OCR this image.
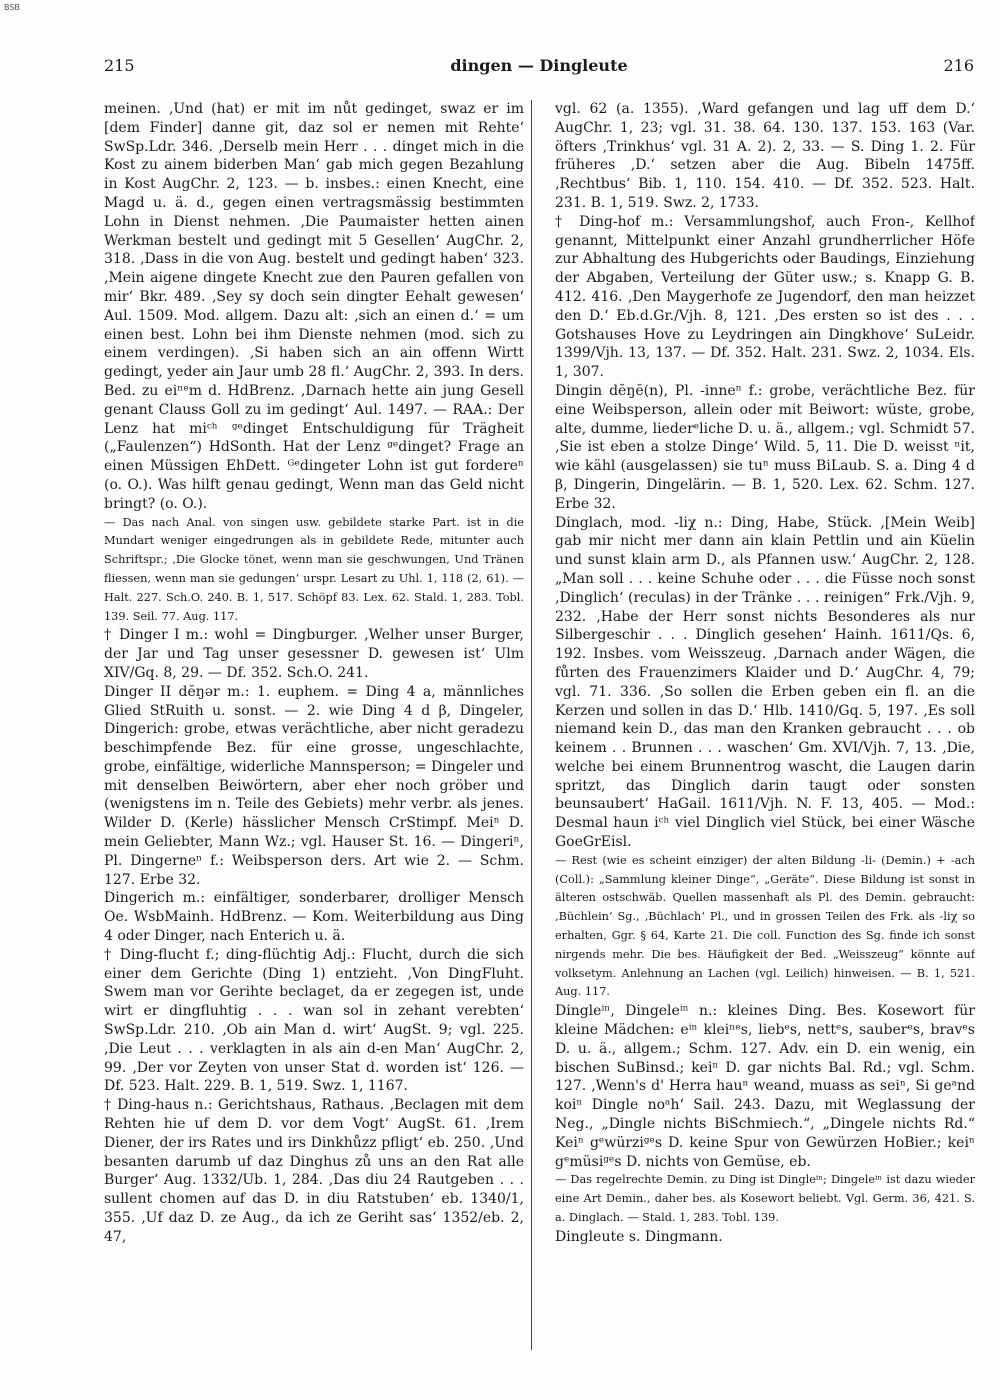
BSB
215	dingen — Dingleute	216

meinen. ‚Und (hat) er mit im nůt gedinget, swaz er im [dem Finder] danne git, daz sol er nemen mit Rehte‘ SwSp.Ldr. 346. ‚Derselb mein Herr . . . dinget mich in die Kost zu ainem biderben Man‘ gab mich gegen Bezahlung in Kost AugChr. 2, 123. — b. insbes.: einen Knecht, eine Magd u. ä. d., gegen einen vertragsmässig bestimmten Lohn in Dienst nehmen. ‚Die Paumaister hetten ainen Werkman bestelt und gedingt mit 5 Gesellen‘ AugChr. 2, 318. ‚Dass in die von Aug. bestelt und gedingt haben‘ 323. ‚Mein aigene dingete Knecht zue den Pauren gefallen von mir‘ Bkr. 489. ‚Sey sy doch sein dingter Eehalt gewesen‘ Aul. 1509. Mod. allgem. Dazu alt: ‚sich an einen d.‘ = um einen best. Lohn bei ihm Dienste nehmen (mod. sich zu einem verdingen). ‚Si haben sich an ain offenn Wirtt gedingt, yeder ain Jaur umb 28 fl.‘ AugChr. 2, 393. In ders. Bed. zu eiⁿᵉm d. HdBrenz. ‚Darnach hette ain jung Gesell genant Clauss Goll zu im gedingt‘ Aul. 1497. — RAA.: Der Lenz hat miᶜʰ ᵍᵉdinget Entschuldigung für Trägheit („Faulenzen“) HdSonth. Hat der Lenz ᵍᵉdinget? Frage an einen Müssigen EhDett. ᴳᵉdingeter Lohn ist gut fordereⁿ (o. O.). Was hilft genau gedingt, Wenn man das Geld nicht bringt? (o. O.).

— Das nach Anal. von singen usw. gebildete starke Part. ist in die Mundart weniger eingedrungen als in gebildete Rede, mitunter auch Schriftspr.; ‚Die Glocke tönet, wenn man sie geschwungen, Und Tränen fliessen, wenn man sie gedungen‘ urspr. Lesart zu Uhl. 1, 118 (2, 61). — Halt. 227. Sch.O. 240. B. 1, 517. Schöpf 83. Lex. 62. Stald. 1, 283. Tobl. 139. Seil. 77. Aug. 117.

† Dinger I m.: wohl = Dingburger. ‚Welher unser Burger, der Jar und Tag unser gesessner D. gewesen ist‘ Ulm XIV/Gq. 8, 29. — Df. 352. Sch.O. 241.

Dinger II dĕŋər m.: 1. euphem. = Ding 4 a, männliches Glied StRuith u. sonst. — 2. wie Ding 4 d β, Dingeler, Dingerich: grobe, etwas verächtliche, aber nicht geradezu beschimpfende Bez. für eine grosse, ungeschlachte, grobe, einfältige, widerliche Mannsperson; = Dingeler und mit denselben Beiwörtern, aber eher noch gröber und (wenigstens im n. Teile des Gebiets) mehr verbr. als jenes. Wilder D. (Kerle) hässlicher Mensch CrStimpf. Meiⁿ D. mein Geliebter, Mann Wz.; vgl. Hauser St. 16. — Dingeriⁿ, Pl. Dingerneⁿ f.: Weibsperson ders. Art wie 2. — Schm. 127. Erbe 32.

Dingerich m.: einfältiger, sonderbarer, drolliger Mensch Oe. WsbMainh. HdBrenz. — Kom. Weiterbildung aus Ding 4 oder Dinger, nach Enterich u. ä.

† Ding-flucht f.; ding-flüchtig Adj.: Flucht, durch die sich einer dem Gerichte (Ding 1) entzieht. ‚Von DingFluht. Swem man vor Gerihte beclaget, da er zegegen ist, unde wirt er dingfluhtig . . . wan sol in zehant verebten‘ SwSp.Ldr. 210. ‚Ob ain Man d. wirt‘ AugSt. 9; vgl. 225. ‚Die Leut . . . verklagten in als ain d-en Man‘ AugChr. 2, 99. ‚Der vor Zeyten von unser Stat d. worden ist‘ 126. — Df. 523. Halt. 229. B. 1, 519. Swz. 1, 1167.

† Ding-haus n.: Gerichtshaus, Rathaus. ‚Beclagen mit dem Rehten hie uf dem D. vor dem Vogt‘ AugSt. 61. ‚Irem Diener, der irs Rates und irs Dinkhůzz pfligt‘ eb. 250. ‚Und besanten darumb uf daz Dinghus zů uns an den Rat alle Burger‘ Aug. 1332/Ub. 1, 284. ‚Das diu 24 Rautgeben . . . sullent chomen auf das D. in diu Ratstuben‘ eb. 1340/1, 355. ‚Uf daz D. ze Aug., da ich ze Geriht sas‘ 1352/eb. 2, 47,

vgl. 62 (a. 1355). ‚Ward gefangen und lag uff dem D.‘ AugChr. 1, 23; vgl. 31. 38. 64. 130. 137. 153. 163 (Var. öfters ‚Trinkhus‘ vgl. 31 A. 2). 2, 33. — S. Ding 1. 2. Für früheres ‚D.‘ setzen aber die Aug. Bibeln 1475ff. ‚Rechtbus‘ Bib. 1, 110. 154. 410. — Df. 352. 523. Halt. 231. B. 1, 519. Swz. 2, 1733.

† Ding-hof m.: Versammlungshof, auch Fron-, Kellhof genannt, Mittelpunkt einer Anzahl grundherrlicher Höfe zur Abhaltung des Hubgerichts oder Baudings, Einziehung der Abgaben, Verteilung der Güter usw.; s. Knapp G. B. 412. 416. ‚Den Maygerhofe ze Jugendorf, den man heizzet den D.‘ Eb.d.Gr./Vjh. 8, 121. ‚Des ersten so ist des . . . Gotshauses Hove zu Leydringen ain Dingkhove‘ SuLeidr. 1399/Vjh. 13, 137. — Df. 352. Halt. 231. Swz. 2, 1034. Els. 1, 307.

Dingin dĕŋĕ(n), Pl. -inneⁿ f.: grobe, verächtliche Bez. für eine Weibsperson, allein oder mit Beiwort: wüste, grobe, alte, dumme, liederᵉliche D. u. ä., allgem.; vgl. Schmidt 57. ‚Sie ist eben a stolze Dinge‘ Wild. 5, 11. Die D. weisst ⁿit, wie kähl (ausgelassen) sie tuⁿ muss BiLaub. S. a. Ding 4 d β, Dingerin, Dingelärin. — B. 1, 520. Lex. 62. Schm. 127. Erbe 32.

Dinglach, mod. -liχ n.: Ding, Habe, Stück. ‚[Mein Weib] gab mir nicht mer dann ain klain Pettlin und ain Küelin und sunst klain arm D., als Pfannen usw.‘ AugChr. 2, 128. „Man soll . . . keine Schuhe oder . . . die Füsse noch sonst ‚Dinglich‘ (reculas) in der Tränke . . . reinigen“ Frk./Vjh. 9, 232. ‚Habe der Herr sonst nichts Besonderes als nur Silbergeschir . . . Dinglich gesehen‘ Hainh. 1611/Qs. 6, 192. Insbes. vom Weisszeug. ‚Darnach ander Wägen, die fůrten des Frauenzimers Klaider und D.‘ AugChr. 4, 79; vgl. 71. 336. ‚So sollen die Erben geben ein fl. an die Kerzen und sollen in das D.‘ Hlb. 1410/Gq. 5, 197. ‚Es soll niemand kein D., das man den Kranken gebraucht . . . ob keinem . . Brunnen . . . waschen‘ Gm. XVI/Vjh. 7, 13. ‚Die, welche bei einem Brunnentrog wascht, die Laugen darin spritzt, das Dinglich darin taugt oder sonsten beunsaubert‘ HaGail. 1611/Vjh. N. F. 13, 405. — Mod.: Desmal haun iᶜʰ viel Dinglich viel Stück, bei einer Wäsche GoeGrEisl.

— Rest (wie es scheint einziger) der alten Bildung -li- (Demin.) + -ach (Coll.): „Sammlung kleiner Dinge“, „Geräte“. Diese Bildung ist sonst in älteren ostschwäb. Quellen massenhaft als Pl. des Demin. gebraucht: ‚Büchlein‘ Sg., ‚Büchlach‘ Pl., und in grossen Teilen des Frk. als -liχ so erhalten, Ggr. § 64, Karte 21. Die coll. Function des Sg. finde ich sonst nirgends mehr. Die bes. Häufigkeit der Bed. „Weisszeug“ könnte auf volksetym. Anlehnung an Lachen (vgl. Leilich) hinweisen. — B. 1, 521. Aug. 117.

Dingleⁱⁿ, Dingeleⁱⁿ n.: kleines Ding. Bes. Kosewort für kleine Mädchen: eⁱⁿ kleiⁿᵉs, liebᵉs, nettᵉs, sauberᵉs, bravᵉs D. u. ä., allgem.; Schm. 127. Adv. ein D. ein wenig, ein bischen SuBinsd.; keiⁿ D. gar nichts Bal. Rd.; vgl. Schm. 127. ‚Wenn's d' Herra hauⁿ weand, muass as seiⁿ, Si geᵃnd koiⁿ Dingle noᵃh‘ Sail. 243. Dazu, mit Weglassung der Neg., „Dingle nichts BiSchmiech.“, „Dingele nichts Rd.“ Keiⁿ gᵉwürziᵍᵉs D. keine Spur von Gewürzen HoBier.; keiⁿ gᵉmüsiᵍᵉs D. nichts von Gemüse, eb.

— Das regelrechte Demin. zu Ding ist Dingleⁱⁿ; Dingeleⁱⁿ ist dazu wieder eine Art Demin., daher bes. als Kosewort beliebt. Vgl. Germ. 36, 421. S. a. Dinglach. — Stald. 1, 283. Tobl. 139.

Dingleute s. Dingmann.
